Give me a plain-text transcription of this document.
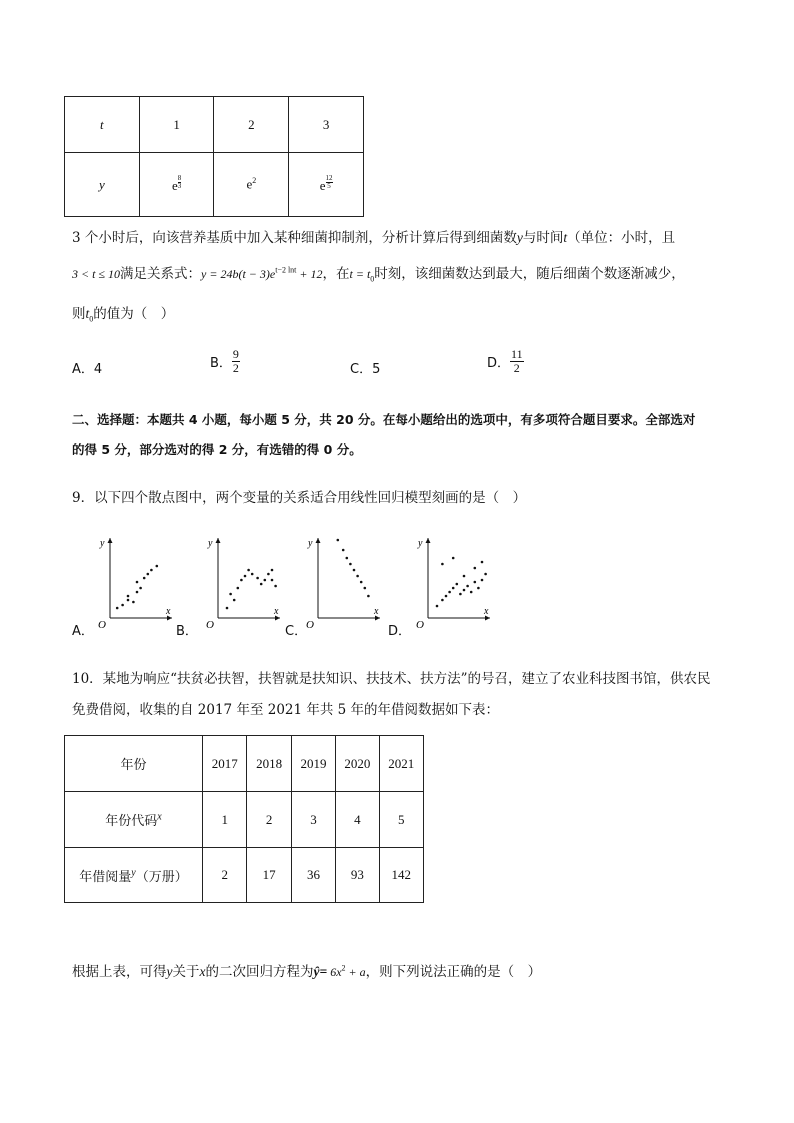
t	1	2	3
y	e $\frac{8}{3}$	$e^2$	e $\frac{12}{5}$
3 个小时后，向该营养基质中加入某种细菌抑制剂，分析计算后得到细菌数y与时间t（单位：小时，且
3 < t ≤ 10满足关系式：$y = 24b(t - 3)e^{t-2 lnt} + 12$，在$t = t_0$时刻，该细菌数达到最大，随后细菌个数逐渐减少，
则$t_0$的值为（　）
A．4	B． $\frac{9}{2}$	C．5	D． $\frac{11}{2}$
二、选择题：本题共 4 小题，每小题 5 分，共 20 分。在每小题给出的选项中，有多项符合题目要求。全部选对
的得 5 分，部分选对的得 2 分，有选错的得 0 分。
9．以下四个散点图中，两个变量的关系适合用线性回归模型刻画的是（　）
y
x
O
y
x
O
y
x
O
y
x
O
A．	B．	C．	D．
10．某地为响应“扶贫必扶智，扶智就是扶知识、扶技术、扶方法”的号召，建立了农业科技图书馆，供农民
免费借阅，收集的自 2017 年至 2021 年共 5 年的年借阅数据如下表：
年份	2017	2018	2019	2020	2021
年份代码$^x$	1	2	3	4	5
年借阅量$^y$（万册）	2	17	36	93	142
根据上表，可得y关于x的二次回归方程为ŷ= $6x^2 + a$，则下列说法正确的是（　）
